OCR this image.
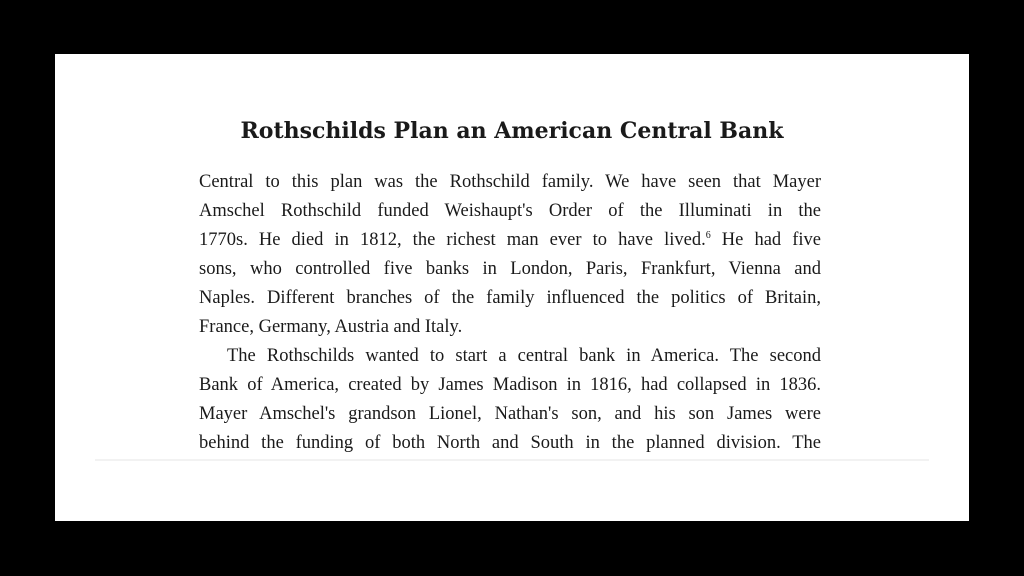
Rothschilds Plan an American Central Bank
Central to this plan was the Rothschild family. We have seen that Mayer
Amschel Rothschild funded Weishaupt's Order of the Illuminati in the
1770s. He died in 1812, the richest man ever to have lived.$^6$ He had five
sons, who controlled five banks in London, Paris, Frankfurt, Vienna and
Naples. Different branches of the family influenced the politics of Britain,
France, Germany, Austria and Italy.
The Rothschilds wanted to start a central bank in America. The second
Bank of America, created by James Madison in 1816, had collapsed in 1836.
Mayer Amschel's grandson Lionel, Nathan's son, and his son James were
behind the funding of both North and South in the planned division. The
